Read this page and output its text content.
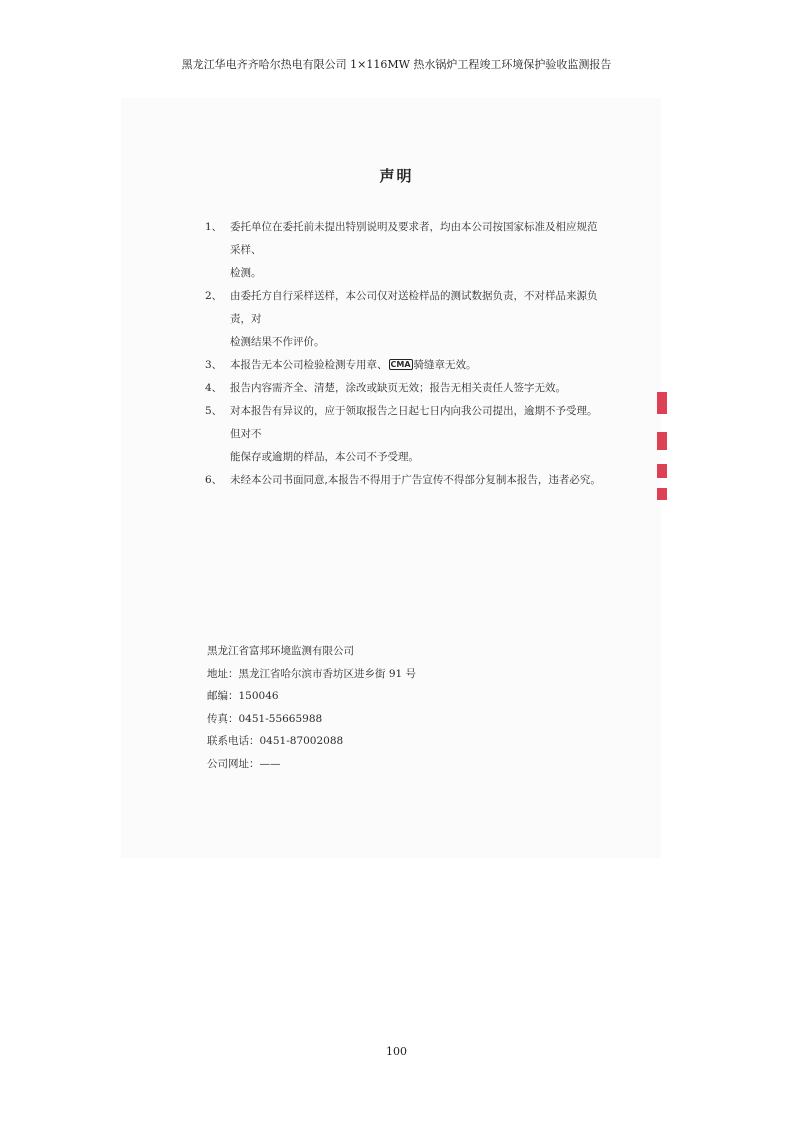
黑龙江华电齐齐哈尔热电有限公司 1×116MW 热水锅炉工程竣工环境保护验收监测报告
声明
1、 委托单位在委托前未提出特别说明及要求者，均由本公司按国家标准及相应规范采样、
检测。
2、 由委托方自行采样送样，本公司仅对送检样品的测试数据负责，不对样品来源负责，对
检测结果不作评价。
3、 本报告无本公司检验检测专用章、 CMA 骑缝章无效。
4、 报告内容需齐全、清楚，涂改或缺页无效；报告无相关责任人签字无效。
5、 对本报告有异议的，应于领取报告之日起七日内向我公司提出，逾期不予受理。但对不
能保存或逾期的样品，本公司不予受理。
6、 未经本公司书面同意,本报告不得用于广告宣传不得部分复制本报告，违者必究。
黑龙江省富邦环境监测有限公司
地址：黑龙江省哈尔滨市香坊区进乡街 91 号
邮编：150046
传真：0451-55665988
联系电话：0451-87002088
公司网址：——
100
